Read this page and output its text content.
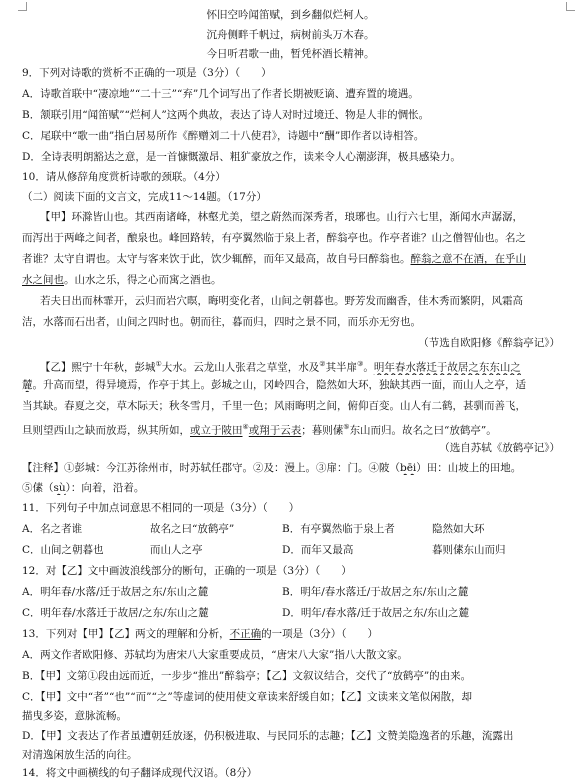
怀旧空吟闻笛赋，到乡翻似烂柯人。
沉舟侧畔千帆过，病树前头万木春。
今日听君歌一曲，暂凭杯酒长精神。
9．下列对诗歌的赏析不正确的一项是（3分）（　　）
A．诗歌首联中“凄凉地”“二十三”“弃”几个词写出了作者长期被贬谪、遭弃置的境遇。
B．颔联引用“闻笛赋”“烂柯人”这两个典故，表达了诗人对时过境迁、物是人非的惆怅。
C．尾联中“歌一曲”指白居易所作《醉赠刘二十八使君》，诗题中“酬”即作者以诗相答。
D．全诗表明朗豁达之意，是一首慷慨激昂、粗犷豪放之作，读来令人心潮澎湃，极具感染力。
10．请从修辞角度赏析诗歌的颈联。（4分）
（二）阅读下面的文言文，完成11～14题。（17分）
【甲】环滁皆山也。其西南诸峰，林壑尤美，望之蔚然而深秀者，琅琊也。山行六七里，渐闻水声潺潺，
而泻出于两峰之间者，酿泉也。峰回路转，有亭翼然临于泉上者，醉翁亭也。作亭者谁？山之僧智仙也。名之
者谁？太守自谓也。太守与客来饮于此，饮少辄醉，而年又最高，故自号曰醉翁也。醉翁之意不在酒，在乎山
水之间也。山水之乐，得之心而寓之酒也。
若夫日出而林霏开，云归而岩穴暝，晦明变化者，山间之朝暮也。野芳发而幽香，佳木秀而繁阴，风霜高
洁，水落而石出者，山间之四时也。朝而往，暮而归，四时之景不同，而乐亦无穷也。
（节选自欧阳修《醉翁亭记》）
【乙】熙宁十年秋，彭城①大水。云龙山人张君之草堂，水及②其半扉③。明年春水落迁于故居之东东山之
麓。升高而望，得异境焉，作亭于其上。彭城之山，冈岭四合，隐然如大环，独缺其西一面，而山人之亭，适
当其缺。春夏之交，草木际天；秋冬雪月，千里一色；风雨晦明之间，俯仰百变。山人有二鹤，甚驯而善飞，
旦则望西山之缺而放焉，纵其所如，或立于陂田④或翔于云表；暮则傃⑤东山而归。故名之曰“放鹤亭”。
（选自苏轼《放鹤亭记》）
【注释】①彭城：今江苏徐州市，时苏轼任郡守。②及：漫上。③扉：门。④陂（bēi）田：山坡上的田地。
⑤傃（sù）：向着，沿着。
11．下列句子中加点词意思不相同的一项是（3分）（　　）
A．名之者谁	故名之曰“放鹤亭”	B．有亭翼然临于泉上者	隐然如大环
C．山间之朝暮也	而山人之亭	D．而年又最高	暮则傃东山而归
12．对【乙】文中画波浪线部分的断句，正确的一项是（3分）（　　）
A．明年春/水落/迁于故居之东/东山之麓	B．明年/春水落迁/于故居之东/东山之麓
C．明年春/水落迁于故居/之东/东山之麓	D．明年/春水落/迁于故居之东/东山之麓
13．下列对【甲】【乙】两文的理解和分析，不正确的一项是（3分）（　　）
A．两文作者欧阳修、苏轼均为唐宋八大家重要成员，“唐宋八大家”指八大散文家。
B．【甲】文第①段由远而近，一步步“推出”醉翁亭；【乙】文叙议结合，交代了“放鹤亭”的由来。
C．【甲】文中“者”“也”“而”“之”等虚词的使用使文章读来舒缓自如；【乙】文读来文笔似闲散，却
描曳多姿，意脉流畅。
D．【甲】文表达了作者虽遭朝廷放逐，仍积极进取、与民同乐的志趣；【乙】文赞美隐逸者的乐趣，流露出
对清逸闲放生活的向往。
14．将文中画横线的句子翻译成现代汉语。（8分）
